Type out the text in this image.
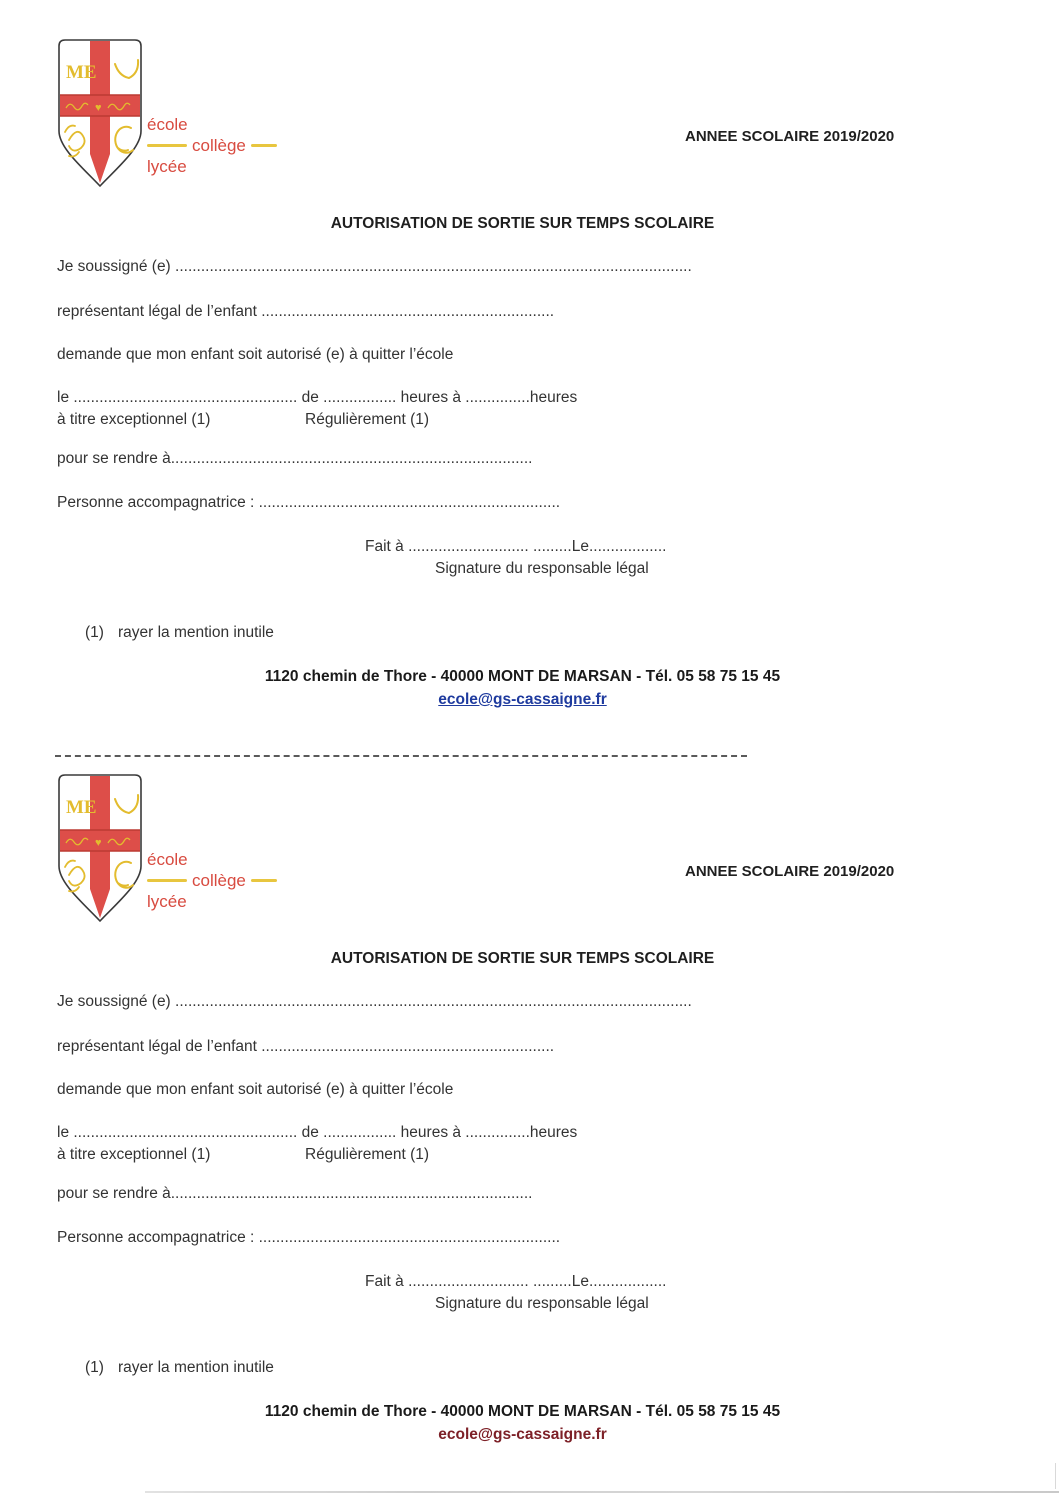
ME
♥
école
collège
lycée
ANNEE SCOLAIRE 2019/2020
AUTORISATION DE SORTIE SUR TEMPS SCOLAIRE

Je soussigné (e) ........................................................................................................................

représentant légal de l’enfant ....................................................................

demande que mon enfant soit autorisé (e) à quitter l’école

le .................................................... de ................. heures à ...............heures

à titre exceptionnel (1)	Régulièrement (1)

pour se rendre à....................................................................................

Personne accompagnatrice : ......................................................................

Fait à ............................ .........Le..................

Signature du responsable légal

(1) rayer la mention inutile
1120 chemin de Thore - 40000 MONT DE MARSAN - Tél. 05 58 75 15 45
ecole@gs-cassaigne.fr
ME
♥
école
collège
lycée
ANNEE SCOLAIRE 2019/2020
AUTORISATION DE SORTIE SUR TEMPS SCOLAIRE

Je soussigné (e) ........................................................................................................................

représentant légal de l’enfant ....................................................................

demande que mon enfant soit autorisé (e) à quitter l’école

le .................................................... de ................. heures à ...............heures

à titre exceptionnel (1)	Régulièrement (1)

pour se rendre à....................................................................................

Personne accompagnatrice : ......................................................................

Fait à ............................ .........Le..................

Signature du responsable légal

(1) rayer la mention inutile
1120 chemin de Thore - 40000 MONT DE MARSAN - Tél. 05 58 75 15 45
ecole@gs-cassaigne.fr
